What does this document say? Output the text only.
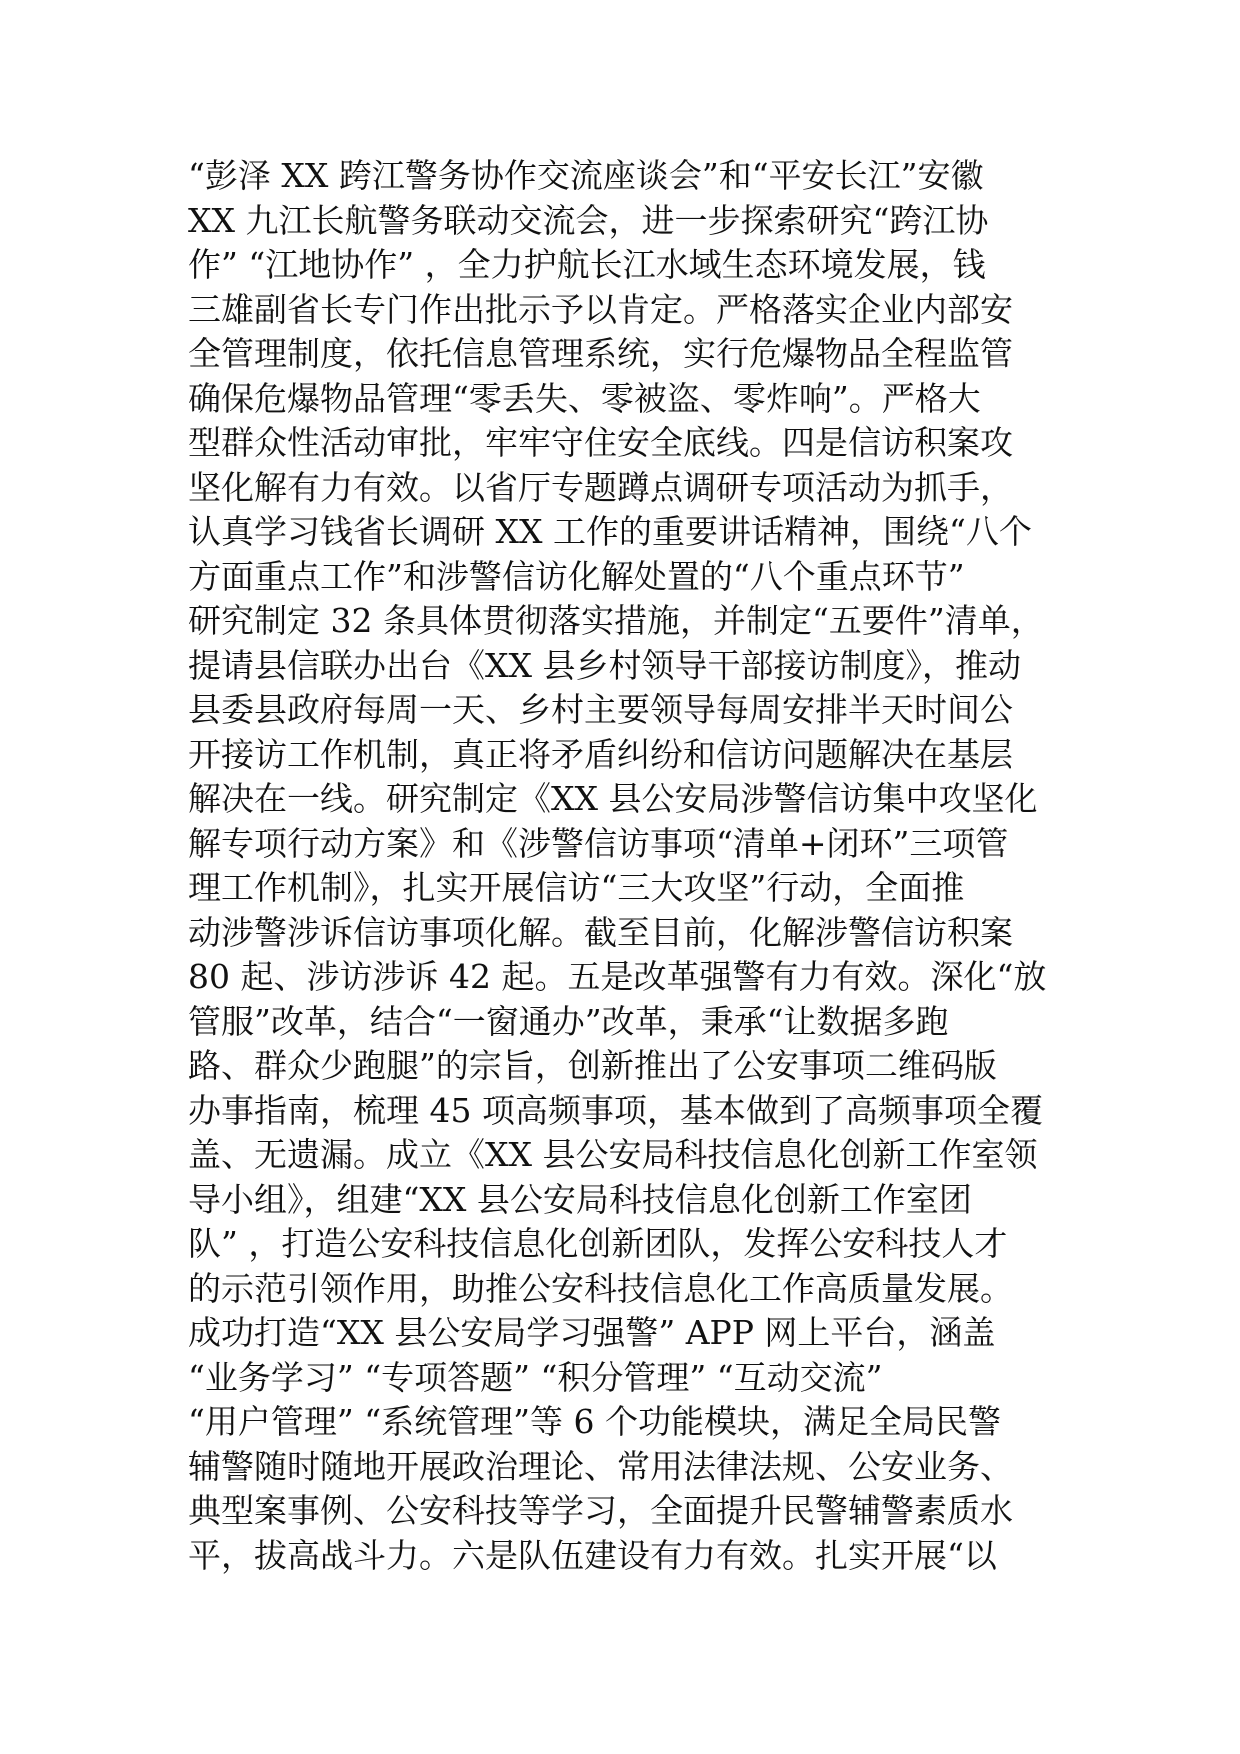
“彭泽 XX 跨江警务协作交流座谈会”和“平安长江”安徽
XX 九江长航警务联动交流会，进一步探索研究“跨江协
作” “江地协作” ，全力护航长江水域生态环境发展，钱
三雄副省长专门作出批示予以肯定。严格落实企业内部安
全管理制度，依托信息管理系统，实行危爆物品全程监管
确保危爆物品管理“零丢失、零被盗、零炸响”。严格大
型群众性活动审批，牢牢守住安全底线。四是信访积案攻
坚化解有力有效。以省厅专题蹲点调研专项活动为抓手，
认真学习钱省长调研 XX 工作的重要讲话精神，围绕“八个
方面重点工作”和涉警信访化解处置的“八个重点环节”
研究制定 32 条具体贯彻落实措施，并制定“五要件”清单，
提请县信联办出台《XX 县乡村领导干部接访制度》，推动
县委县政府每周一天、乡村主要领导每周安排半天时间公
开接访工作机制，真正将矛盾纠纷和信访问题解决在基层
解决在一线。研究制定《XX 县公安局涉警信访集中攻坚化
解专项行动方案》和《涉警信访事项“清单+闭环”三项管
理工作机制》，扎实开展信访“三大攻坚”行动，全面推
动涉警涉诉信访事项化解。截至目前，化解涉警信访积案
80 起、涉访涉诉 42 起。五是改革强警有力有效。深化“放
管服”改革，结合“一窗通办”改革，秉承“让数据多跑
路、群众少跑腿”的宗旨，创新推出了公安事项二维码版
办事指南，梳理 45 项高频事项，基本做到了高频事项全覆
盖、无遗漏。成立《XX 县公安局科技信息化创新工作室领
导小组》，组建“XX 县公安局科技信息化创新工作室团
队” ，打造公安科技信息化创新团队，发挥公安科技人才
的示范引领作用，助推公安科技信息化工作高质量发展。
成功打造“XX 县公安局学习强警” APP 网上平台，涵盖
“业务学习” “专项答题” “积分管理” “互动交流”
“用户管理” “系统管理”等 6 个功能模块，满足全局民警
辅警随时随地开展政治理论、常用法律法规、公安业务、
典型案事例、公安科技等学习，全面提升民警辅警素质水
平，拔高战斗力。六是队伍建设有力有效。扎实开展“以
